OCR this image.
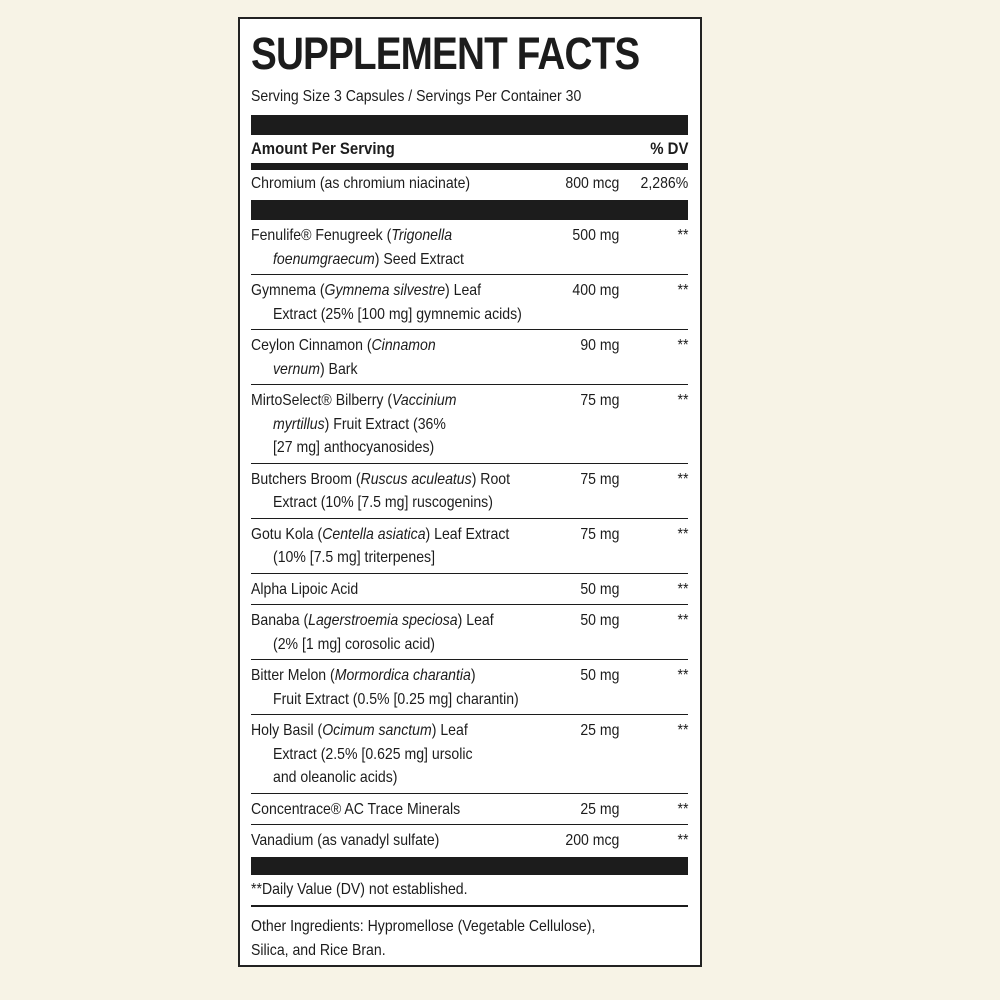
SUPPLEMENT FACTS
Serving Size 3 Capsules / Servings Per Container 30
Amount Per Serving	% DV
Chromium (as chromium niacinate)	800 mcg	2,286%
Fenulife® Fenugreek (Trigonella
foenumgraecum) Seed Extract
500 mg	**
Gymnema (Gymnema silvestre) Leaf
Extract (25% [100 mg] gymnemic acids)
400 mg	**
Ceylon Cinnamon (Cinnamon
vernum) Bark
90 mg	**
MirtoSelect® Bilberry (Vaccinium
myrtillus) Fruit Extract (36%
[27 mg] anthocyanosides)
75 mg	**
Butchers Broom (Ruscus aculeatus) Root
Extract (10% [7.5 mg] ruscogenins)
75 mg	**
Gotu Kola (Centella asiatica) Leaf Extract
(10% [7.5 mg] triterpenes]
75 mg	**
Alpha Lipoic Acid	50 mg	**
Banaba (Lagerstroemia speciosa) Leaf
(2% [1 mg] corosolic acid)
50 mg	**
Bitter Melon (Mormordica charantia)
Fruit Extract (0.5% [0.25 mg] charantin)
50 mg	**
Holy Basil (Ocimum sanctum) Leaf
Extract (2.5% [0.625 mg] ursolic
and oleanolic acids)
25 mg	**
Concentrace® AC Trace Minerals	25 mg	**
Vanadium (as vanadyl sulfate)	200 mcg	**
**Daily Value (DV) not established.
Other Ingredients: Hypromellose (Vegetable Cellulose),
Silica, and Rice Bran.
